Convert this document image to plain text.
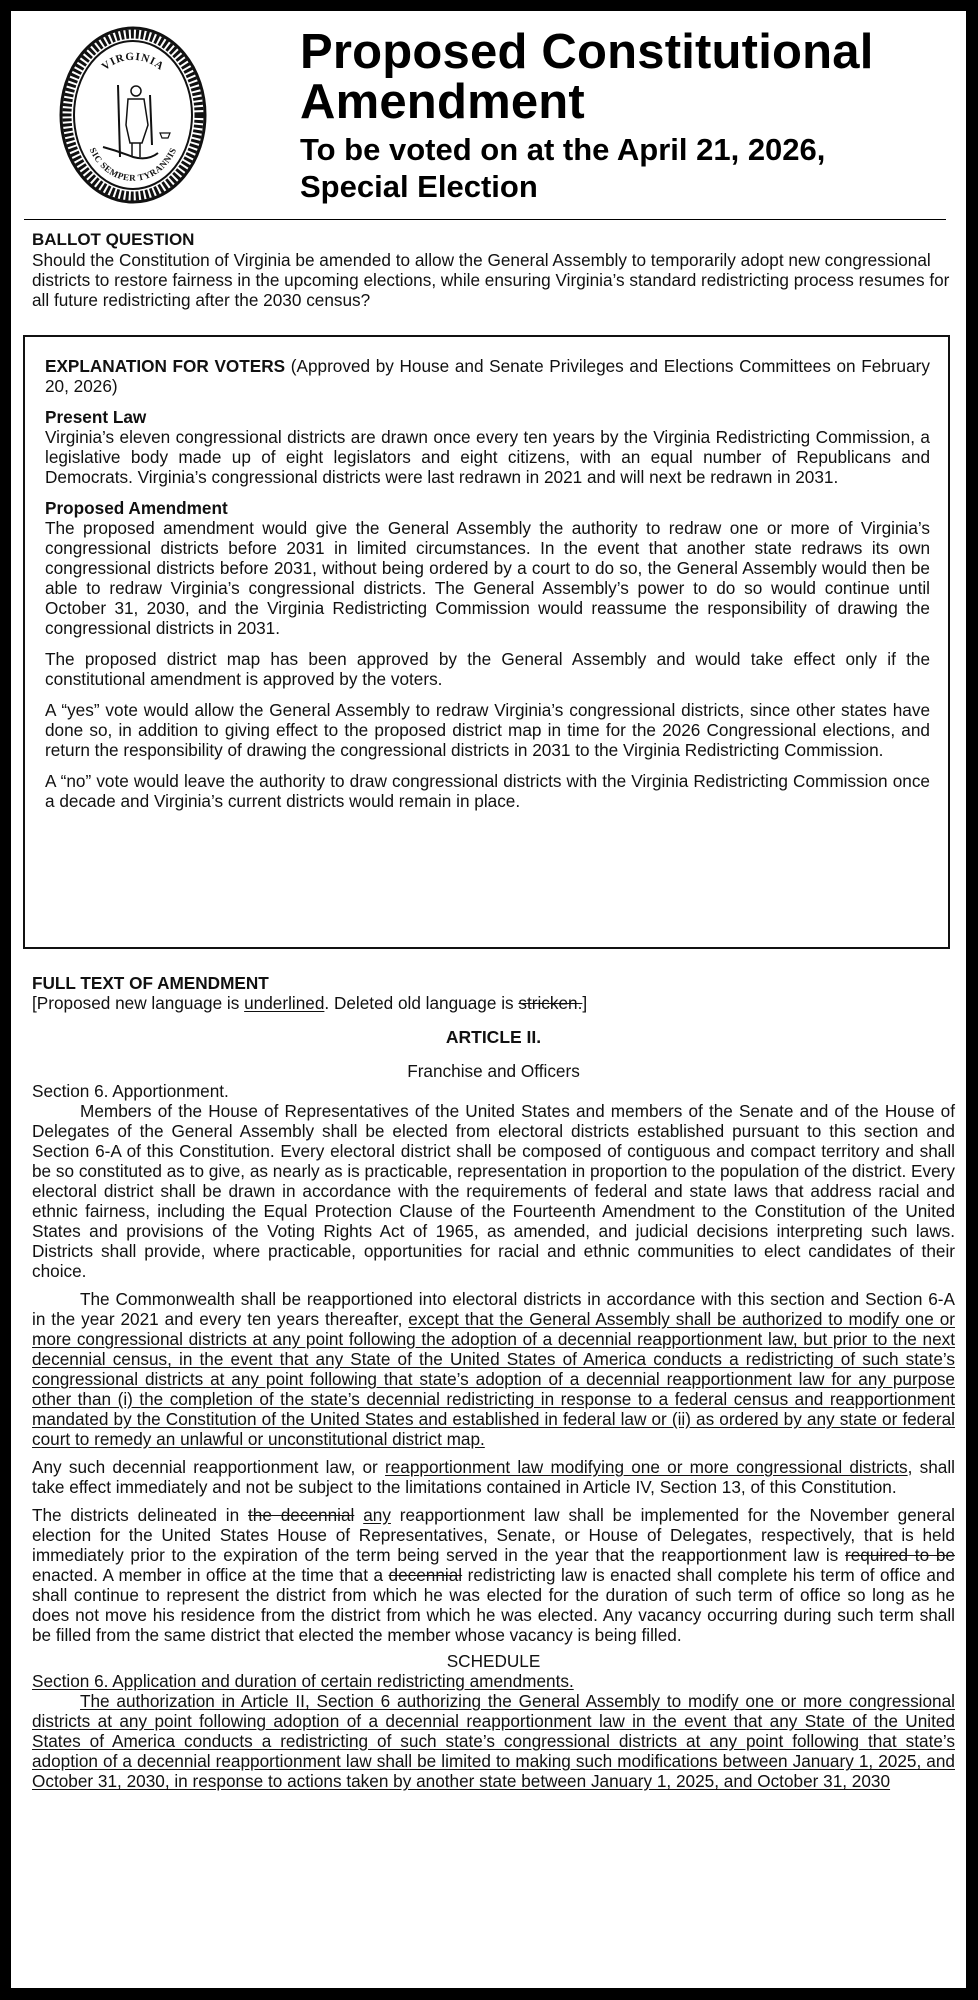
VIRGINIA
SIC SEMPER TYRANNIS
Proposed Constitutional
Amendment
To be voted on at the April 21, 2026,
Special Election
BALLOT QUESTION
Should the Constitution of Virginia be amended to allow the General Assembly to temporarily adopt new congressional districts to restore fairness in the upcoming elections, while ensuring Virginia’s standard redistricting process resumes for all future redistricting after the 2030 census?

EXPLANATION FOR VOTERS (Approved by House and Senate Privileges and Elections Committees on February 20, 2026)

Present Law

Virginia’s eleven congressional districts are drawn once every ten years by the Virginia Redistricting Commission, a legislative body made up of eight legislators and eight citizens, with an equal number of Republicans and Democrats. Virginia’s congressional districts were last redrawn in 2021 and will next be redrawn in 2031.

Proposed Amendment

The proposed amendment would give the General Assembly the authority to redraw one or more of Virginia’s congressional districts before 2031 in limited circumstances. In the event that another state redraws its own congressional districts before 2031, without being ordered by a court to do so, the General Assembly would then be able to redraw Virginia’s congressional districts. The General Assembly’s power to do so would continue until October 31, 2030, and the Virginia Redistricting Commission would reassume the responsibility of drawing the congressional districts in 2031.

The proposed district map has been approved by the General Assembly and would take effect only if the constitutional amendment is approved by the voters.

A “yes” vote would allow the General Assembly to redraw Virginia’s congressional districts, since other states have done so, in addition to giving effect to the proposed district map in time for the 2026 Congressional elections, and return the responsibility of drawing the congressional districts in 2031 to the Virginia Redistricting Commission.

A “no” vote would leave the authority to draw congressional districts with the Virginia Redistricting Commission once a decade and Virginia’s current districts would remain in place.

FULL TEXT OF AMENDMENT

[Proposed new language is underlined. Deleted old language is stricken.]

ARTICLE II.

Franchise and Officers

Section 6. Apportionment.

Members of the House of Representatives of the United States and members of the Senate and of the House of Delegates of the General Assembly shall be elected from electoral districts established pursuant to this section and Section 6-A of this Constitution. Every electoral district shall be composed of contiguous and compact territory and shall be so constituted as to give, as nearly as is practicable, representation in proportion to the population of the district. Every electoral district shall be drawn in accordance with the requirements of federal and state laws that address racial and ethnic fairness, including the Equal Protection Clause of the Fourteenth Amendment to the Constitution of the United States and provisions of the Voting Rights Act of 1965, as amended, and judicial decisions interpreting such laws. Districts shall provide, where practicable, opportunities for racial and ethnic communities to elect candidates of their choice.

The Commonwealth shall be reapportioned into electoral districts in accordance with this section and Section 6-A in the year 2021 and every ten years thereafter, except that the General Assembly shall be authorized to modify one or more congressional districts at any point following the adoption of a decennial reapportionment law, but prior to the next decennial census, in the event that any State of the United States of America conducts a redistricting of such state’s congressional districts at any point following that state’s adoption of a decennial reapportionment law for any purpose other than (i) the completion of the state’s decennial redistricting in response to a federal census and reapportionment mandated by the Constitution of the United States and established in federal law or (ii) as ordered by any state or federal court to remedy an unlawful or unconstitutional district map.

Any such decennial reapportionment law, or reapportionment law modifying one or more congressional districts, shall take effect immediately and not be subject to the limitations contained in Article IV, Section 13, of this Constitution.

The districts delineated in the decennial any reapportionment law shall be implemented for the November general election for the United States House of Representatives, Senate, or House of Delegates, respectively, that is held immediately prior to the expiration of the term being served in the year that the reapportionment law is required to be enacted. A member in office at the time that a decennial redistricting law is enacted shall complete his term of office and shall continue to represent the district from which he was elected for the duration of such term of office so long as he does not move his residence from the district from which he was elected. Any vacancy occurring during such term shall be filled from the same district that elected the member whose vacancy is being filled.

SCHEDULE

Section 6. Application and duration of certain redistricting amendments.

The authorization in Article II, Section 6 authorizing the General Assembly to modify one or more congressional districts at any point following adoption of a decennial reapportionment law in the event that any State of the United States of America conducts a redistricting of such state’s congressional districts at any point following that state’s adoption of a decennial reapportionment law shall be limited to making such modifications between January 1, 2025, and October 31, 2030, in response to actions taken by another state between January 1, 2025, and October 31, 2030
